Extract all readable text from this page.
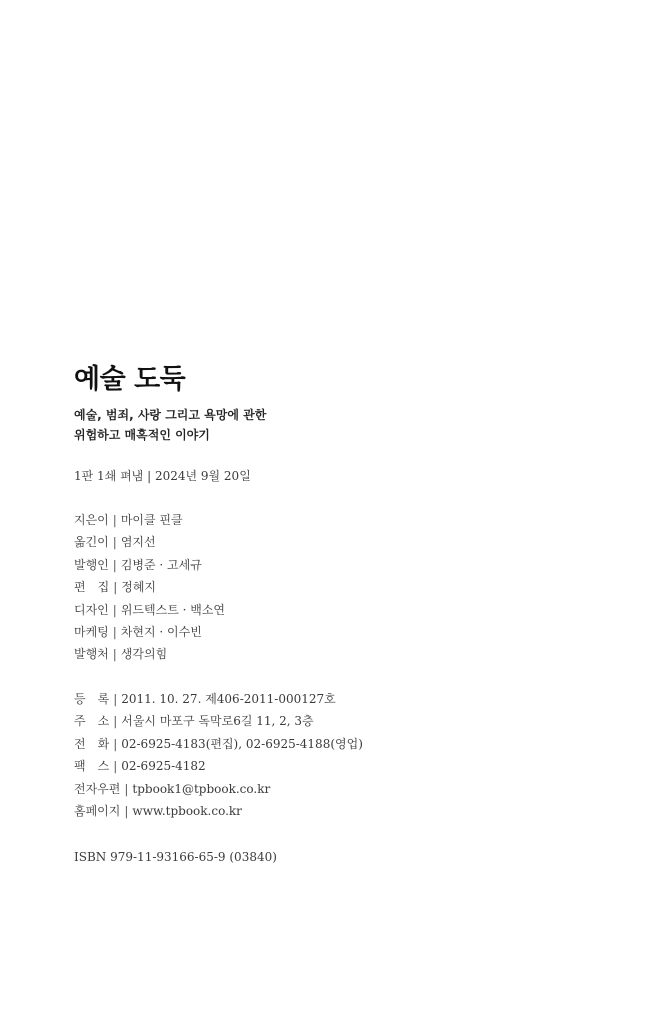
예술 도둑
예술, 범죄, 사랑 그리고 욕망에 관한
위험하고 매혹적인 이야기
1판 1쇄 펴냄 | 2024년 9월 20일
지은이 | 마이클 핀클
옮긴이 | 염지선
발행인 | 김병준 · 고세규
편　집 | 정혜지
디자인 | 위드텍스트 · 백소연
마케팅 | 차현지 · 이수빈
발행처 | 생각의힘
등　록 | 2011. 10. 27. 제406-2011-000127호
주　소 | 서울시 마포구 독막로6길 11, 2, 3층
전　화 | 02-6925-4183(편집), 02-6925-4188(영업)
팩　스 | 02-6925-4182
전자우편 | tpbook1@tpbook.co.kr
홈페이지 | www.tpbook.co.kr
ISBN 979-11-93166-65-9 (03840)
